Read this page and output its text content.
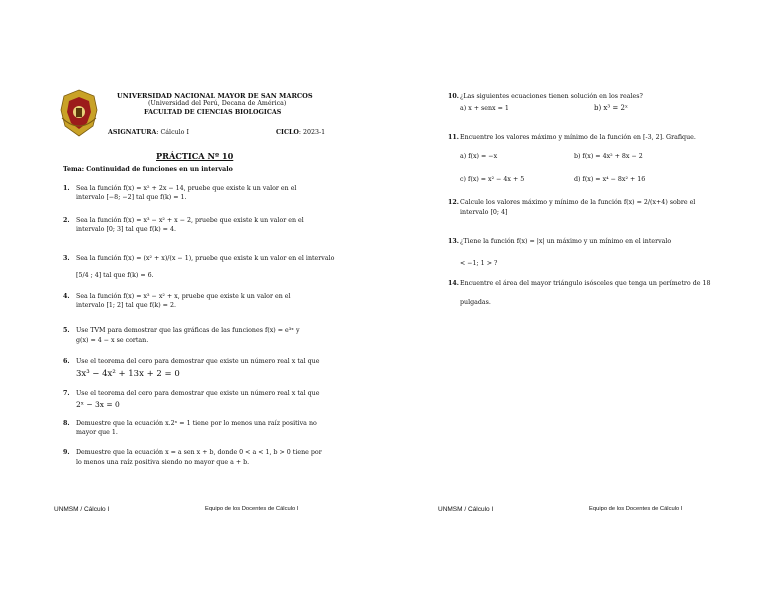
UNIVERSIDAD NACIONAL MAYOR DE SAN MARCOS
(Universidad del Perú, Decana de América)
FACULTAD DE CIENCIAS BIOLOGICAS
ASIGNATURA: Cálculo I	CICLO: 2023-1
PRÁCTICA Nº 10
Tema: Continuidad de funciones en un intervalo
1. Sea la función f(x) = x² + 2x − 14, pruebe que existe k un valor en el
intervalo [−8; −2] tal que f(k) = 1.
2. Sea la función f(x) = x³ − x² + x − 2, pruebe que existe k un valor en el
intervalo [0; 3] tal que f(k) = 4.
3. Sea la función f(x) = (x² + x)/(x − 1), pruebe que existe k un valor en el intervalo
[5/4 ; 4] tal que f(k) = 6.
4. Sea la función f(x) = x³ − x² + x, pruebe que existe k un valor en el
intervalo [1; 2] tal que f(k) = 2.
5. Use TVM para demostrar que las gráficas de las funciones f(x) = e³ˣ y
g(x) = 4 − x se cortan.
6. Use el teorema del cero para demostrar que existe un número real x tal que
3x³ − 4x² + 13x + 2 = 0
7. Use el teorema del cero para demostrar que existe un número real x tal que
2ˣ − 3x = 0
8. Demuestre que la ecuación x.2ˣ = 1 tiene por lo menos una raíz positiva no
mayor que 1.
9. Demuestre que la ecuación x = a sen x + b, donde 0 < a < 1, b > 0 tiene por
lo menos una raíz positiva siendo no mayor que a + b.
UNMSM / Cálculo I	Equipo de los Docentes de Cálculo I
10. ¿Las siguientes ecuaciones tienen solución en los reales?
a) x + senx = 1	b) x³ = 2ˣ
11. Encuentre los valores máximo y mínimo de la función en [-3, 2]. Grafique.
a) f(x) = −x	b) f(x) = 4x² + 8x − 2
c) f(x) = x² − 4x + 5	d) f(x) = x⁴ − 8x² + 16
12. Calcule los valores máximo y mínimo de la función f(x) = 2/(x+4) sobre el
intervalo [0; 4]
13. ¿Tiene la función f(x) = |x| un máximo y un mínimo en el intervalo
< −1; 1 > ?
14. Encuentre el área del mayor triángulo isósceles que tenga un perímetro de 18
pulgadas.
UNMSM / Cálculo I	Equipo de los Docentes de Cálculo I
